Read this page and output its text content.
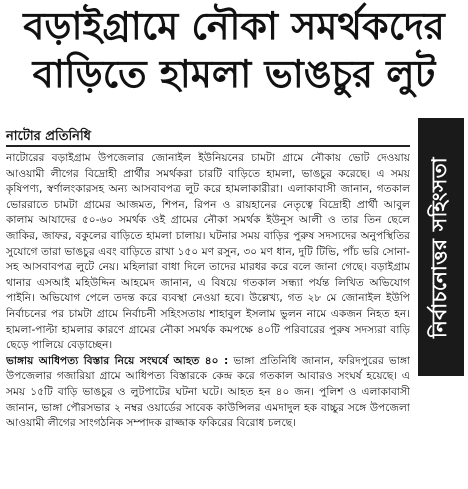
বড়াইগ্রামে নৌকা সমর্থকদের
বাড়িতে হামলা ভাঙচুর লুট
নাটোর প্রতিনিধি

নাটোরের বড়াইগ্রাম উপজেলার জোনাইল ইউনিয়নের চামটা গ্রামে নৌকায় ভোট দেওয়ায় আওয়ামী লীগের বিদ্রোহী প্রার্থীর সমর্থকরা চারটি বাড়িতে হামলা, ভাঙচুর করেছে। এ সময় কৃষিপণ্য, স্বর্ণালংকারসহ অন্য আসবাবপত্র লুট করে হামলাকারীরা। এলাকাবাসী জানান, গতকাল ভোররাতে চামটা গ্রামের আজমত, শিপন, রিপন ও রায়হানের নেতৃত্বে বিদ্রোহী প্রার্থী আবুল কালাম আযাদের ৫০-৬০ সমর্থক ওই গ্রামের নৌকা সমর্থক ইউনুস আলী ও তার তিন ছেলে জাকির, জাফর, বকুলের বাড়িতে হামলা চালায়। ঘটনার সময় বাড়ির পুরুষ সদস্যদের অনুপস্থিতির সুযোগে তারা ভাঙচুর এবং বাড়িতে রাখা ১৫০ মণ রসুন, ৩০ মণ ধান, দুটি টিভি, পাঁচ ভরি সোনা-সহ আসবাবপত্র লুটে নেয়। মহিলারা বাধা দিলে তাদের মারধর করে বলে জানা গেছে। বড়াইগ্রাম থানার এসআই মহিউদ্দিন আহমেদ জানান, এ বিষয়ে গতকাল সন্ধ্যা পর্যন্ত লিখিত অভিযোগ পাইনি। অভিযোগ পেলে তদন্ত করে ব্যবস্থা নেওয়া হবে। উল্লেখ্য, গত ২৮ মে জোনাইল ইউপি নির্বাচনের পর চামটা গ্রামে নির্বাচনী সহিংসতায় শাহাবুল ইসলাম ভুলন নামে একজন নিহত হন। হামলা-পাল্টা হামলার কারণে গ্রামের নৌকা সমর্থক কমপক্ষে ৪০টি পরিবারের পুরুষ সদস্যরা বাড়ি ছেড়ে পালিয়ে বেড়াচ্ছেন।

ভাঙ্গায় আধিপত্য বিস্তার নিয়ে সংঘর্ষে আহত ৪০ : ভাঙ্গা প্রতিনিধি জানান, ফরিদপুরের ভাঙ্গা উপজেলার গজারিয়া গ্রামে আধিপত্য বিস্তারকে কেন্দ্র করে গতকাল আবারও সংঘর্ষ হয়েছে। এ সময় ১৫টি বাড়ি ভাঙচুর ও লুটপাটের ঘটনা ঘটে। আহত হন ৪০ জন। পুলিশ ও এলাকাবাসী জানান, ভাঙ্গা পৌরসভার ২ নম্বর ওয়ার্ডের সাবেক কাউন্সিলর এমদাদুল হক বাচ্চুর সঙ্গে উপজেলা আওয়ামী লীগের সাংগঠনিক সম্পাদক রাজ্জাক ফকিরের বিরোধ চলছে।

নির্বাচনোত্তর সহিংসতা
